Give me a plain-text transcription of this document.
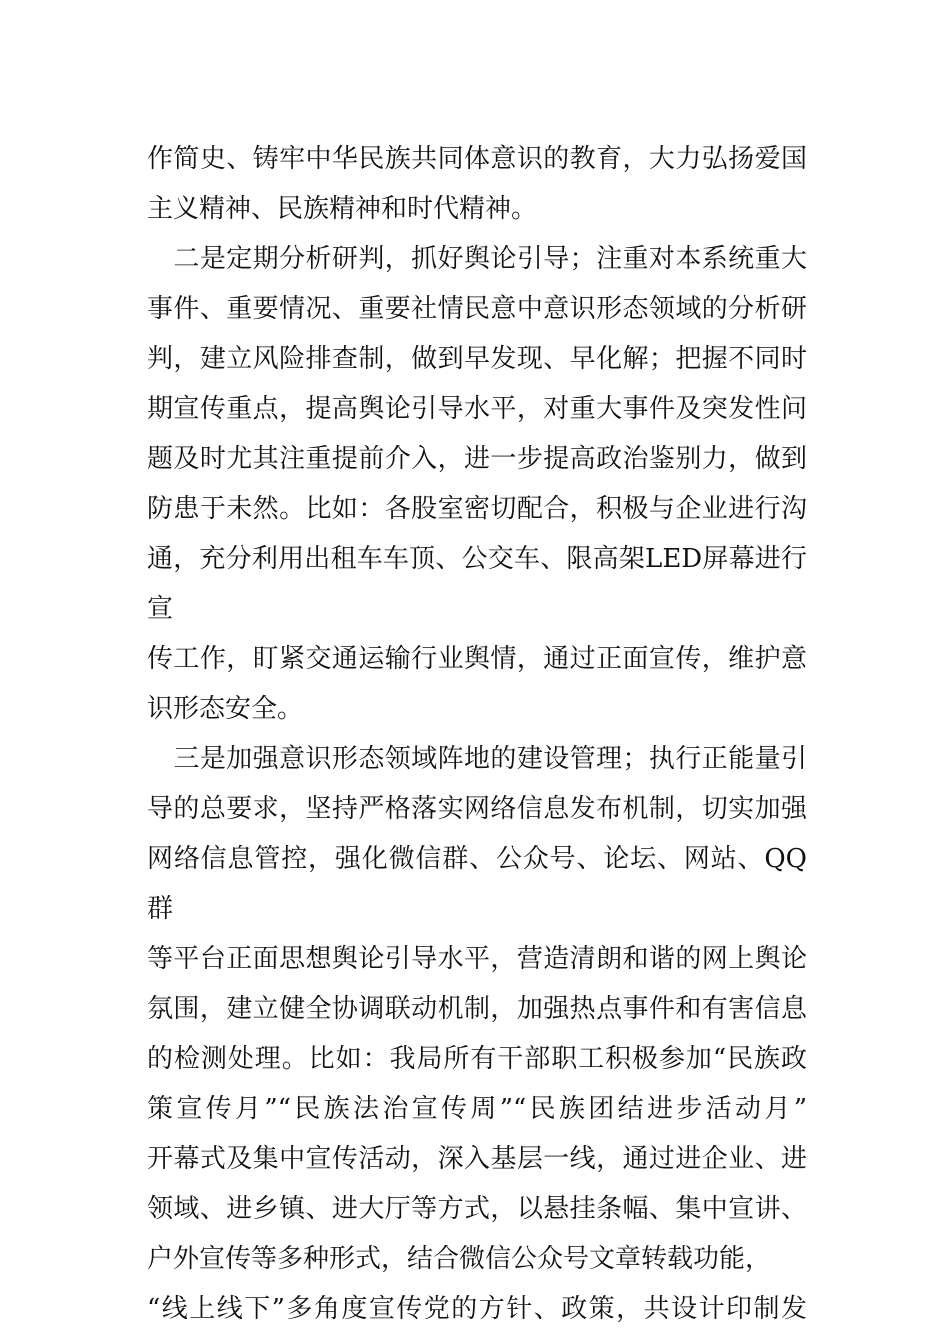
作简史、铸牢中华民族共同体意识的教育，大力弘扬爱国
主义精神、民族精神和时代精神。
　二是定期分析研判，抓好舆论引导；注重对本系统重大
事件、重要情况、重要社情民意中意识形态领域的分析研
判，建立风险排查制，做到早发现、早化解；把握不同时
期宣传重点，提高舆论引导水平，对重大事件及突发性问
题及时尤其注重提前介入，进一步提高政治鉴别力，做到
防患于未然。比如：各股室密切配合，积极与企业进行沟
通，充分利用出租车车顶、公交车、限高架LED屏幕进行宣
传工作，盯紧交通运输行业舆情，通过正面宣传，维护意
识形态安全。
　三是加强意识形态领域阵地的建设管理；执行正能量引
导的总要求，坚持严格落实网络信息发布机制，切实加强
网络信息管控，强化微信群、公众号、论坛、网站、QQ群
等平台正面思想舆论引导水平，营造清朗和谐的网上舆论
氛围，建立健全协调联动机制，加强热点事件和有害信息
的检测处理。比如：我局所有干部职工积极参加“民族政
策宣传月”“民族法治宣传周”“民族团结进步活动月”
开幕式及集中宣传活动，深入基层一线，通过进企业、进
领域、进乡镇、进大厅等方式，以悬挂条幅、集中宣讲、
户外宣传等多种形式，结合微信公众号文章转载功能，
“线上线下”多角度宣传党的方针、政策，共设计印制发
